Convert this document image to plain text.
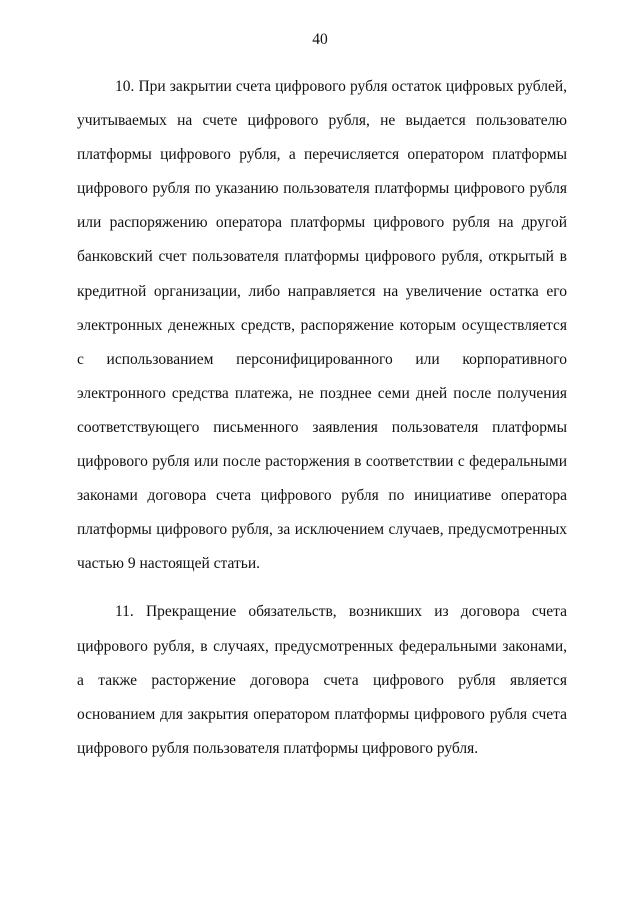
40

10. При закрытии счета цифрового рубля остаток цифровых рублей, учитываемых на счете цифрового рубля, не выдается пользователю платформы цифрового рубля, а перечисляется оператором платформы цифрового рубля по указанию пользователя платформы цифрового рубля или распоряжению оператора платформы цифрового рубля на другой банковский счет пользователя платформы цифрового рубля, открытый в кредитной организации, либо направляется на увеличение остатка его электронных денежных средств, распоряжение которым осуществляется с использованием персонифицированного или корпоративного электронного средства платежа, не позднее семи дней после получения соответствующего письменного заявления пользователя платформы цифрового рубля или после расторжения в соответствии с федеральными законами договора счета цифрового рубля по инициативе оператора платформы цифрового рубля, за исключением случаев, предусмотренных частью 9 настоящей статьи.

11. Прекращение обязательств, возникших из договора счета цифрового рубля, в случаях, предусмотренных федеральными законами, а также расторжение договора счета цифрового рубля является основанием для закрытия оператором платформы цифрового рубля счета цифрового рубля пользователя платформы цифрового рубля.
